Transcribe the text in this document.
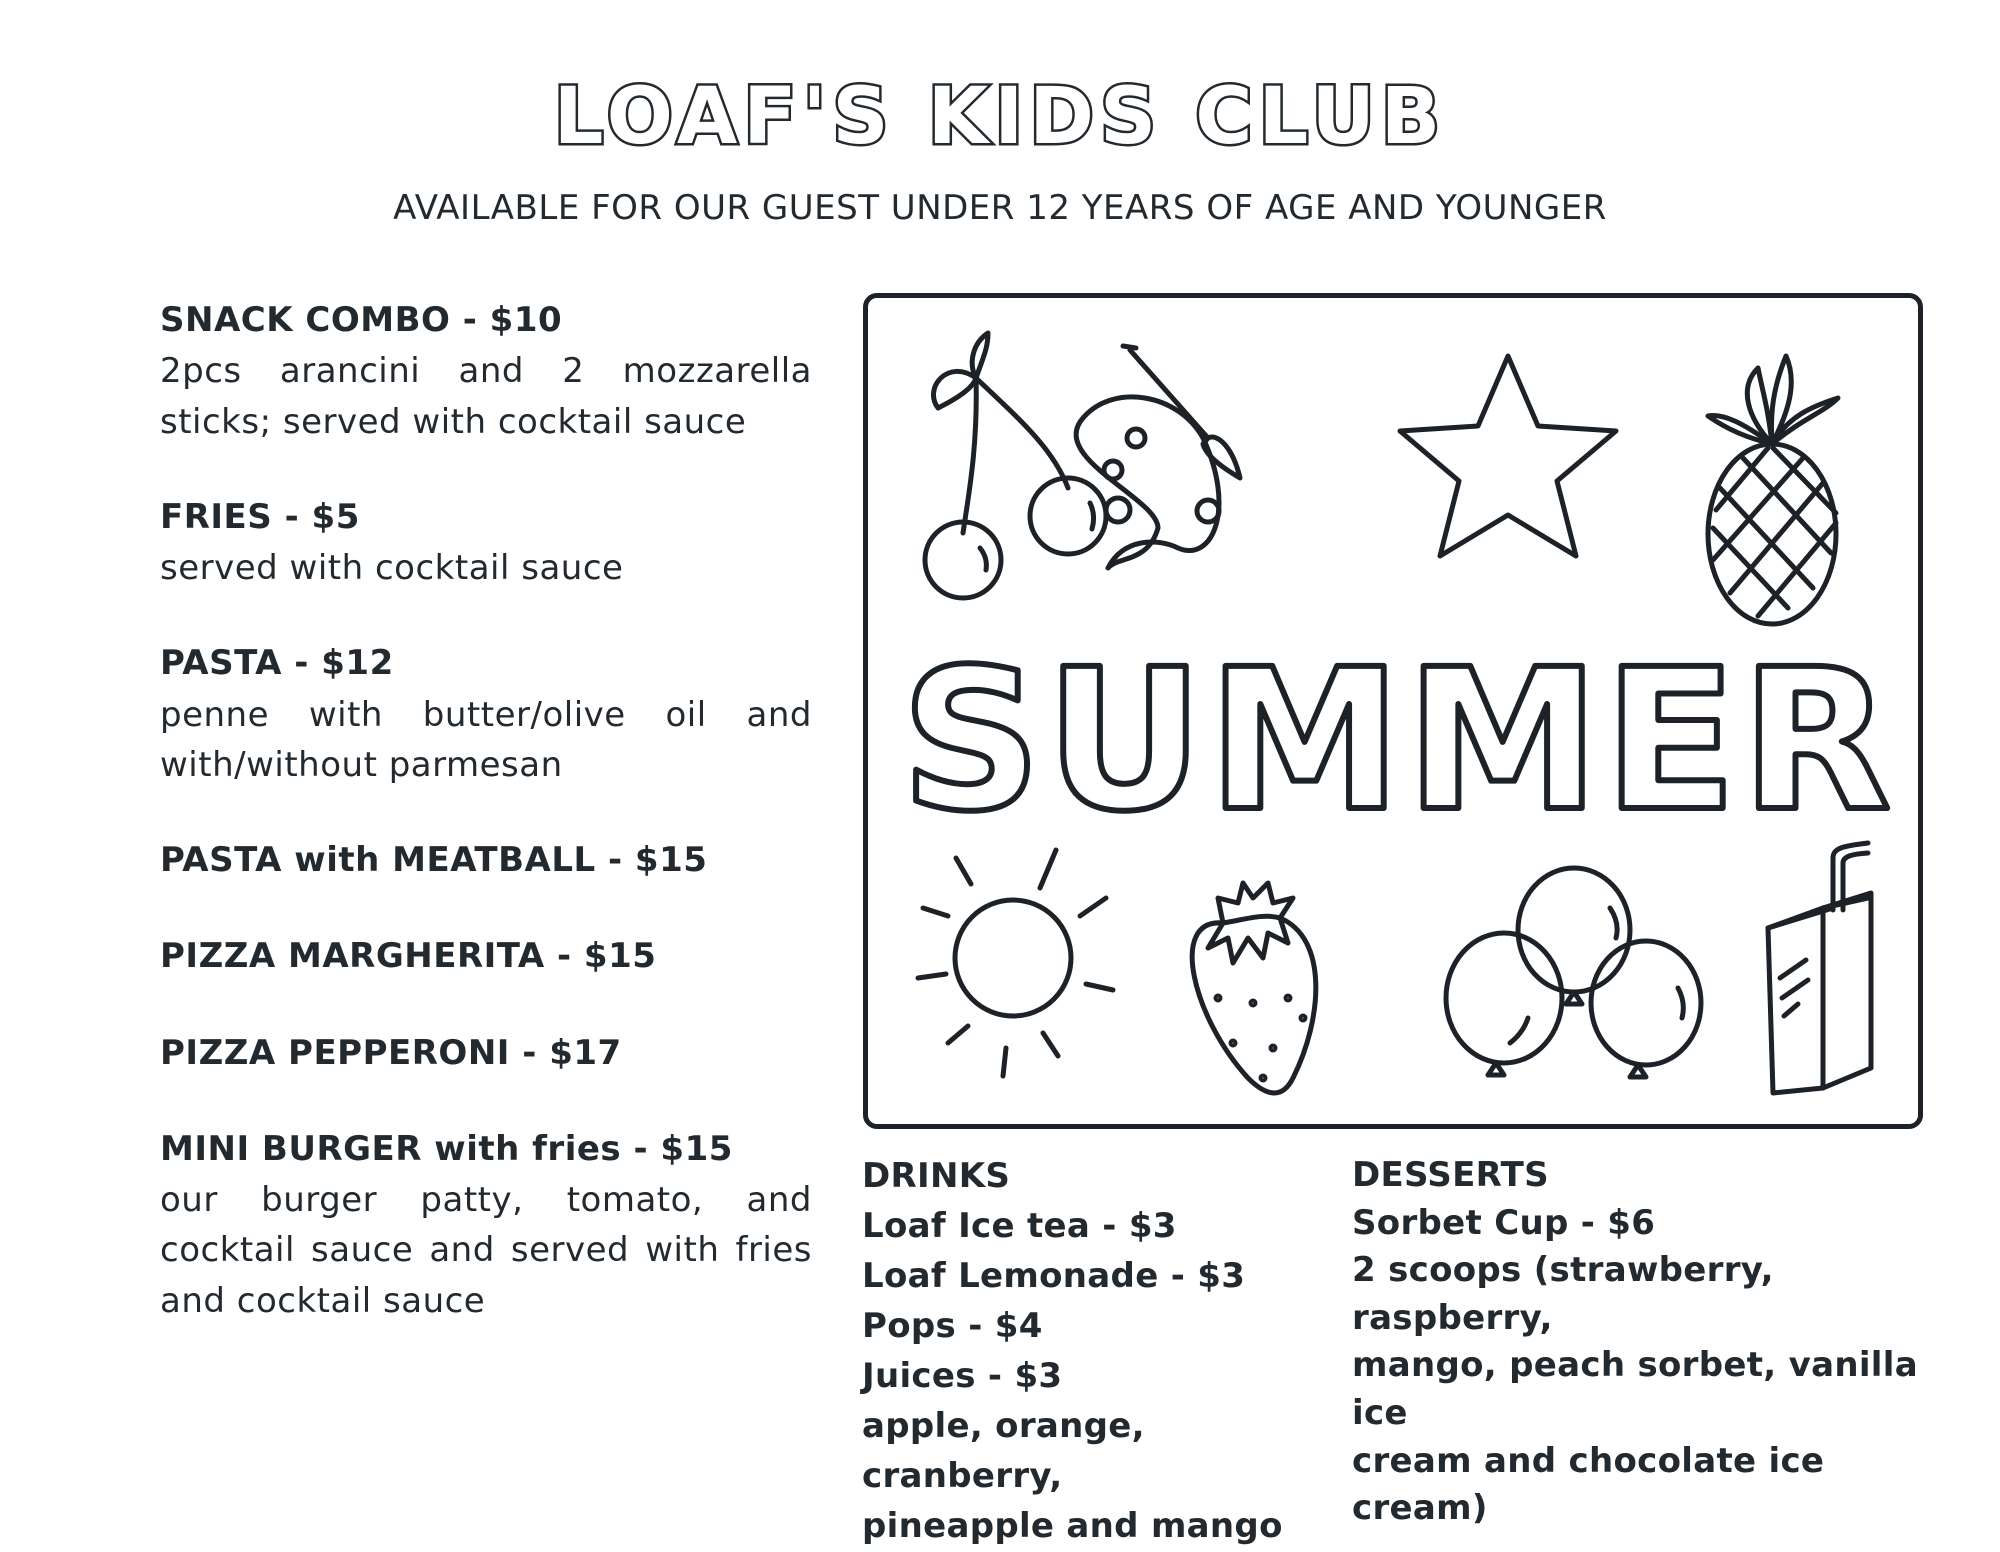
LOAF'S KIDS CLUB
AVAILABLE FOR OUR GUEST UNDER 12 YEARS OF AGE AND YOUNGER
SNACK COMBO - $10
2pcs arancini and 2 mozzarella sticks; served with cocktail sauce
FRIES - $5
served with cocktail sauce
PASTA - $12
penne with butter/olive oil and with/without parmesan
PASTA with MEATBALL - $15
PIZZA MARGHERITA - $15
PIZZA PEPPERONI - $17
MINI BURGER with fries - $15
our burger patty, tomato, and cocktail sauce and served with fries and cocktail sauce
SUMMER
DRINKS
Loaf Ice tea - $3
Loaf Lemonade - $3
Pops - $4
Juices - $3
apple, orange, cranberry,
pineapple and mango
DESSERTS
Sorbet Cup - $6
2 scoops (strawberry, raspberry,
mango, peach sorbet, vanilla ice
cream and chocolate ice cream)
